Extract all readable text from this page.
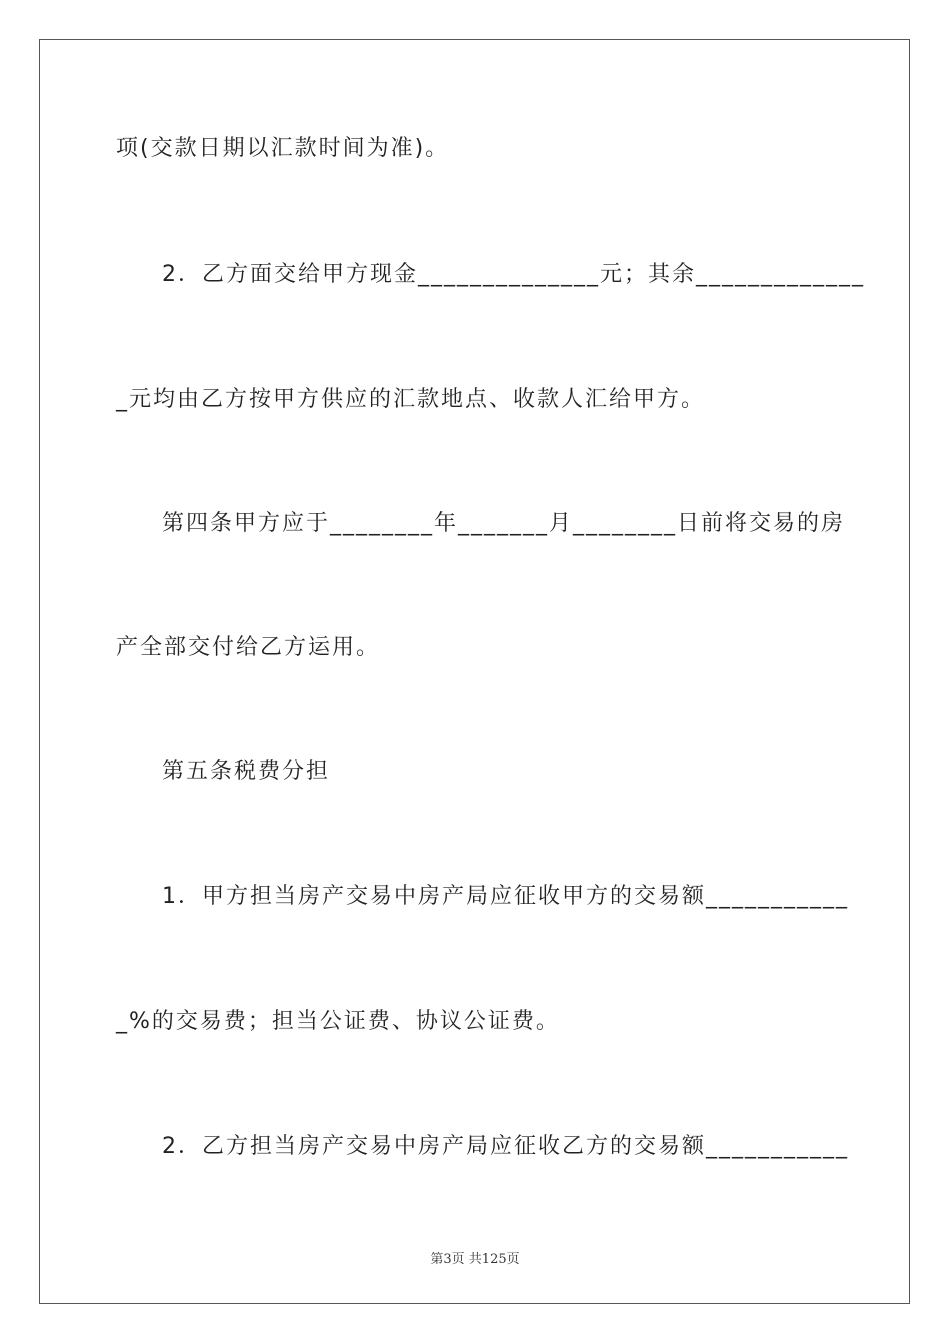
项(交款日期以汇款时间为准)。
2．乙方面交给甲方现金______________元；其余_____________
_元均由乙方按甲方供应的汇款地点、收款人汇给甲方。
第四条甲方应于________年_______月________日前将交易的房
产全部交付给乙方运用。
第五条税费分担
1．甲方担当房产交易中房产局应征收甲方的交易额___________
_%的交易费；担当公证费、协议公证费。
2．乙方担当房产交易中房产局应征收乙方的交易额___________
第3页 共125页
